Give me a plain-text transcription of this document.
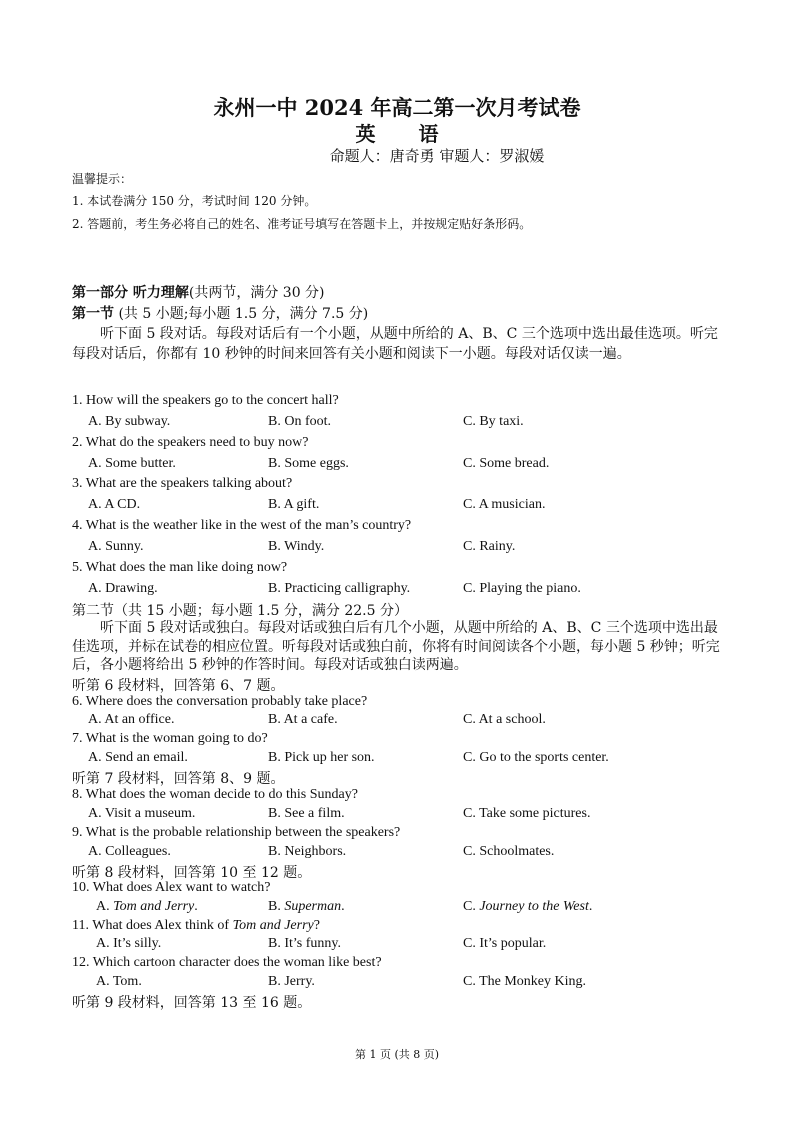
永州一中 2024 年高二第一次月考试卷
英 语
命题人：唐奇勇 审题人：罗淑媛
温馨提示：
1. 本试卷满分 150 分，考试时间 120 分钟。
2. 答题前，考生务必将自己的姓名、准考证号填写在答题卡上，并按规定贴好条形码。
第一部分 听力理解(共两节，满分 30 分)
第一节 (共 5 小题;每小题 1.5 分，满分 7.5 分)
听下面 5 段对话。每段对话后有一个小题，从题中所给的 A、B、C 三个选项中选出最佳选项。听完每段对话后，你都有 10 秒钟的时间来回答有关小题和阅读下一小题。每段对话仅读一遍。
1. How will the speakers go to the concert hall?
A. By subway.	B. On foot.	C. By taxi.
2. What do the speakers need to buy now?
A. Some butter.	B. Some eggs.	C. Some bread.
3. What are the speakers talking about?
A. A CD.	B. A gift.	C. A musician.
4. What is the weather like in the west of the man’s country?
A. Sunny.	B. Windy.	C. Rainy.
5. What does the man like doing now?
A. Drawing.	B. Practicing calligraphy.	C. Playing the piano.
第二节（共 15 小题；每小题 1.5 分，满分 22.5 分）
听下面 5 段对话或独白。每段对话或独白后有几个小题，从题中所给的 A、B、C 三个选项中选出最佳选项，并标在试卷的相应位置。听每段对话或独白前，你将有时间阅读各个小题，每小题 5 秒钟；听完后，各小题将给出 5 秒钟的作答时间。每段对话或独白读两遍。
听第 6 段材料，回答第 6、7 题。
6. Where does the conversation probably take place?
A. At an office.	B. At a cafe.	C. At a school.
7. What is the woman going to do?
A. Send an email.	B. Pick up her son.	C. Go to the sports center.
听第 7 段材料，回答第 8、9 题。
8. What does the woman decide to do this Sunday?
A. Visit a museum.	B. See a film.	C. Take some pictures.
9. What is the probable relationship between the speakers?
A. Colleagues.	B. Neighbors.	C. Schoolmates.
听第 8 段材料，回答第 10 至 12 题。
10. What does Alex want to watch?
A. Tom and Jerry.	B. Superman.	C. Journey to the West.
11. What does Alex think of Tom and Jerry?
A. It’s silly.	B. It’s funny.	C. It’s popular.
12. Which cartoon character does the woman like best?
A. Tom.	B. Jerry.	C. The Monkey King.
听第 9 段材料，回答第 13 至 16 题。
第 1 页 (共 8 页)
